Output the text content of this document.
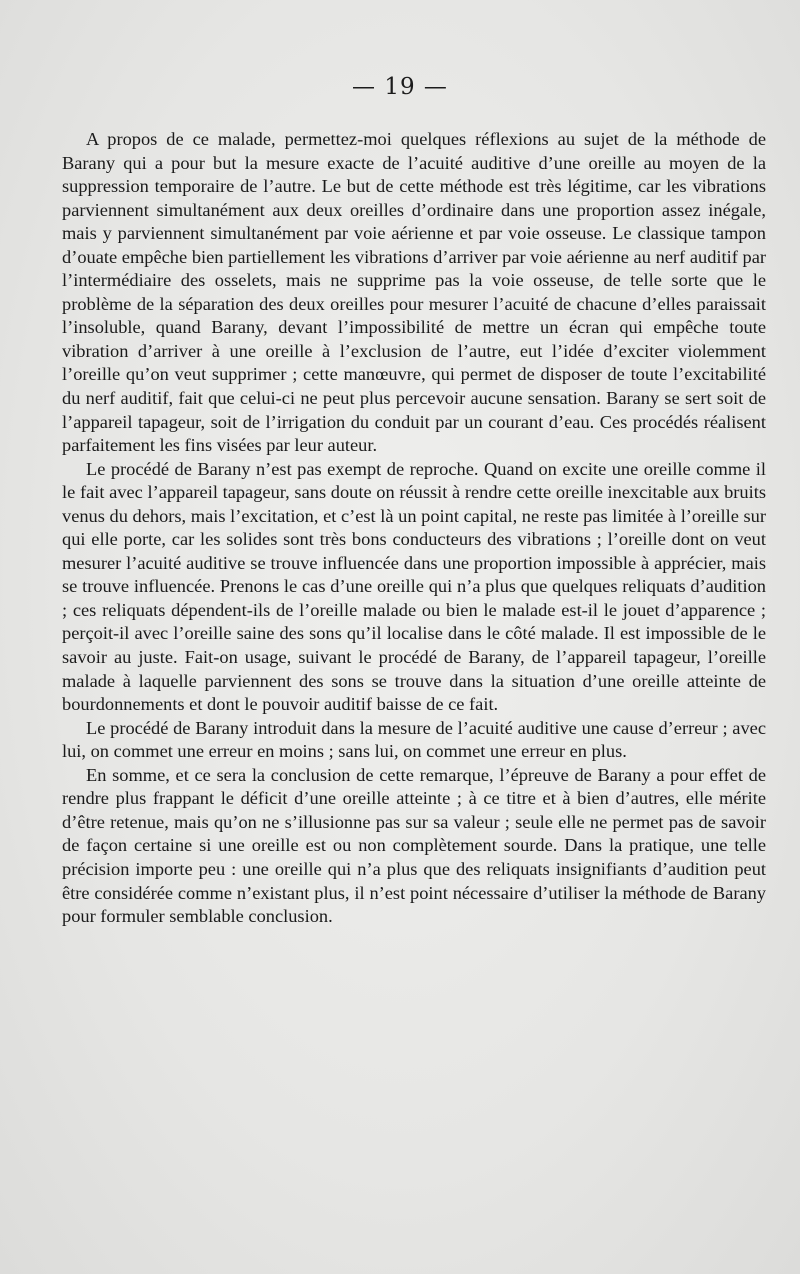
— 19 —

A propos de ce malade, permettez-moi quelques réflexions au sujet de la méthode de Barany qui a pour but la mesure exacte de l’acuité auditive d’une oreille au moyen de la suppression temporaire de l’autre. Le but de cette méthode est très légitime, car les vibrations parviennent simultanément aux deux oreilles d’ordinaire dans une proportion assez inégale, mais y parviennent simultanément par voie aérienne et par voie osseuse. Le classique tampon d’ouate empêche bien partiellement les vibrations d’arriver par voie aérienne au nerf auditif par l’intermédiaire des osselets, mais ne supprime pas la voie osseuse, de telle sorte que le problème de la séparation des deux oreilles pour mesurer l’acuité de chacune d’elles paraissait l’insoluble, quand Barany, devant l’impossibilité de mettre un écran qui empêche toute vibration d’arriver à une oreille à l’exclusion de l’autre, eut l’idée d’exciter violemment l’oreille qu’on veut supprimer ; cette manœuvre, qui permet de disposer de toute l’excitabilité du nerf auditif, fait que celui-ci ne peut plus percevoir aucune sensation. Barany se sert soit de l’appareil tapageur, soit de l’irrigation du conduit par un courant d’eau. Ces procédés réalisent parfaitement les fins visées par leur auteur.

Le procédé de Barany n’est pas exempt de reproche. Quand on excite une oreille comme il le fait avec l’appareil tapageur, sans doute on réussit à rendre cette oreille inexcitable aux bruits venus du dehors, mais l’excitation, et c’est là un point capital, ne reste pas limitée à l’oreille sur qui elle porte, car les solides sont très bons conducteurs des vibrations ; l’oreille dont on veut mesurer l’acuité auditive se trouve influencée dans une proportion impossible à apprécier, mais se trouve influencée. Prenons le cas d’une oreille qui n’a plus que quelques reliquats d’audition ; ces reliquats dépendent-ils de l’oreille malade ou bien le malade est-il le jouet d’apparence ; perçoit-il avec l’oreille saine des sons qu’il localise dans le côté malade. Il est impossible de le savoir au juste. Fait-on usage, suivant le procédé de Barany, de l’appareil tapageur, l’oreille malade à laquelle parviennent des sons se trouve dans la situation d’une oreille atteinte de bourdonnements et dont le pouvoir auditif baisse de ce fait.

Le procédé de Barany introduit dans la mesure de l’acuité auditive une cause d’erreur ; avec lui, on commet une erreur en moins ; sans lui, on commet une erreur en plus.

En somme, et ce sera la conclusion de cette remarque, l’épreuve de Barany a pour effet de rendre plus frappant le déficit d’une oreille atteinte ; à ce titre et à bien d’autres, elle mérite d’être retenue, mais qu’on ne s’illusionne pas sur sa valeur ; seule elle ne permet pas de savoir de façon certaine si une oreille est ou non complètement sourde. Dans la pratique, une telle précision importe peu : une oreille qui n’a plus que des reliquats insignifiants d’audition peut être considérée comme n’existant plus, il n’est point nécessaire d’utiliser la méthode de Barany pour formuler semblable conclusion.
